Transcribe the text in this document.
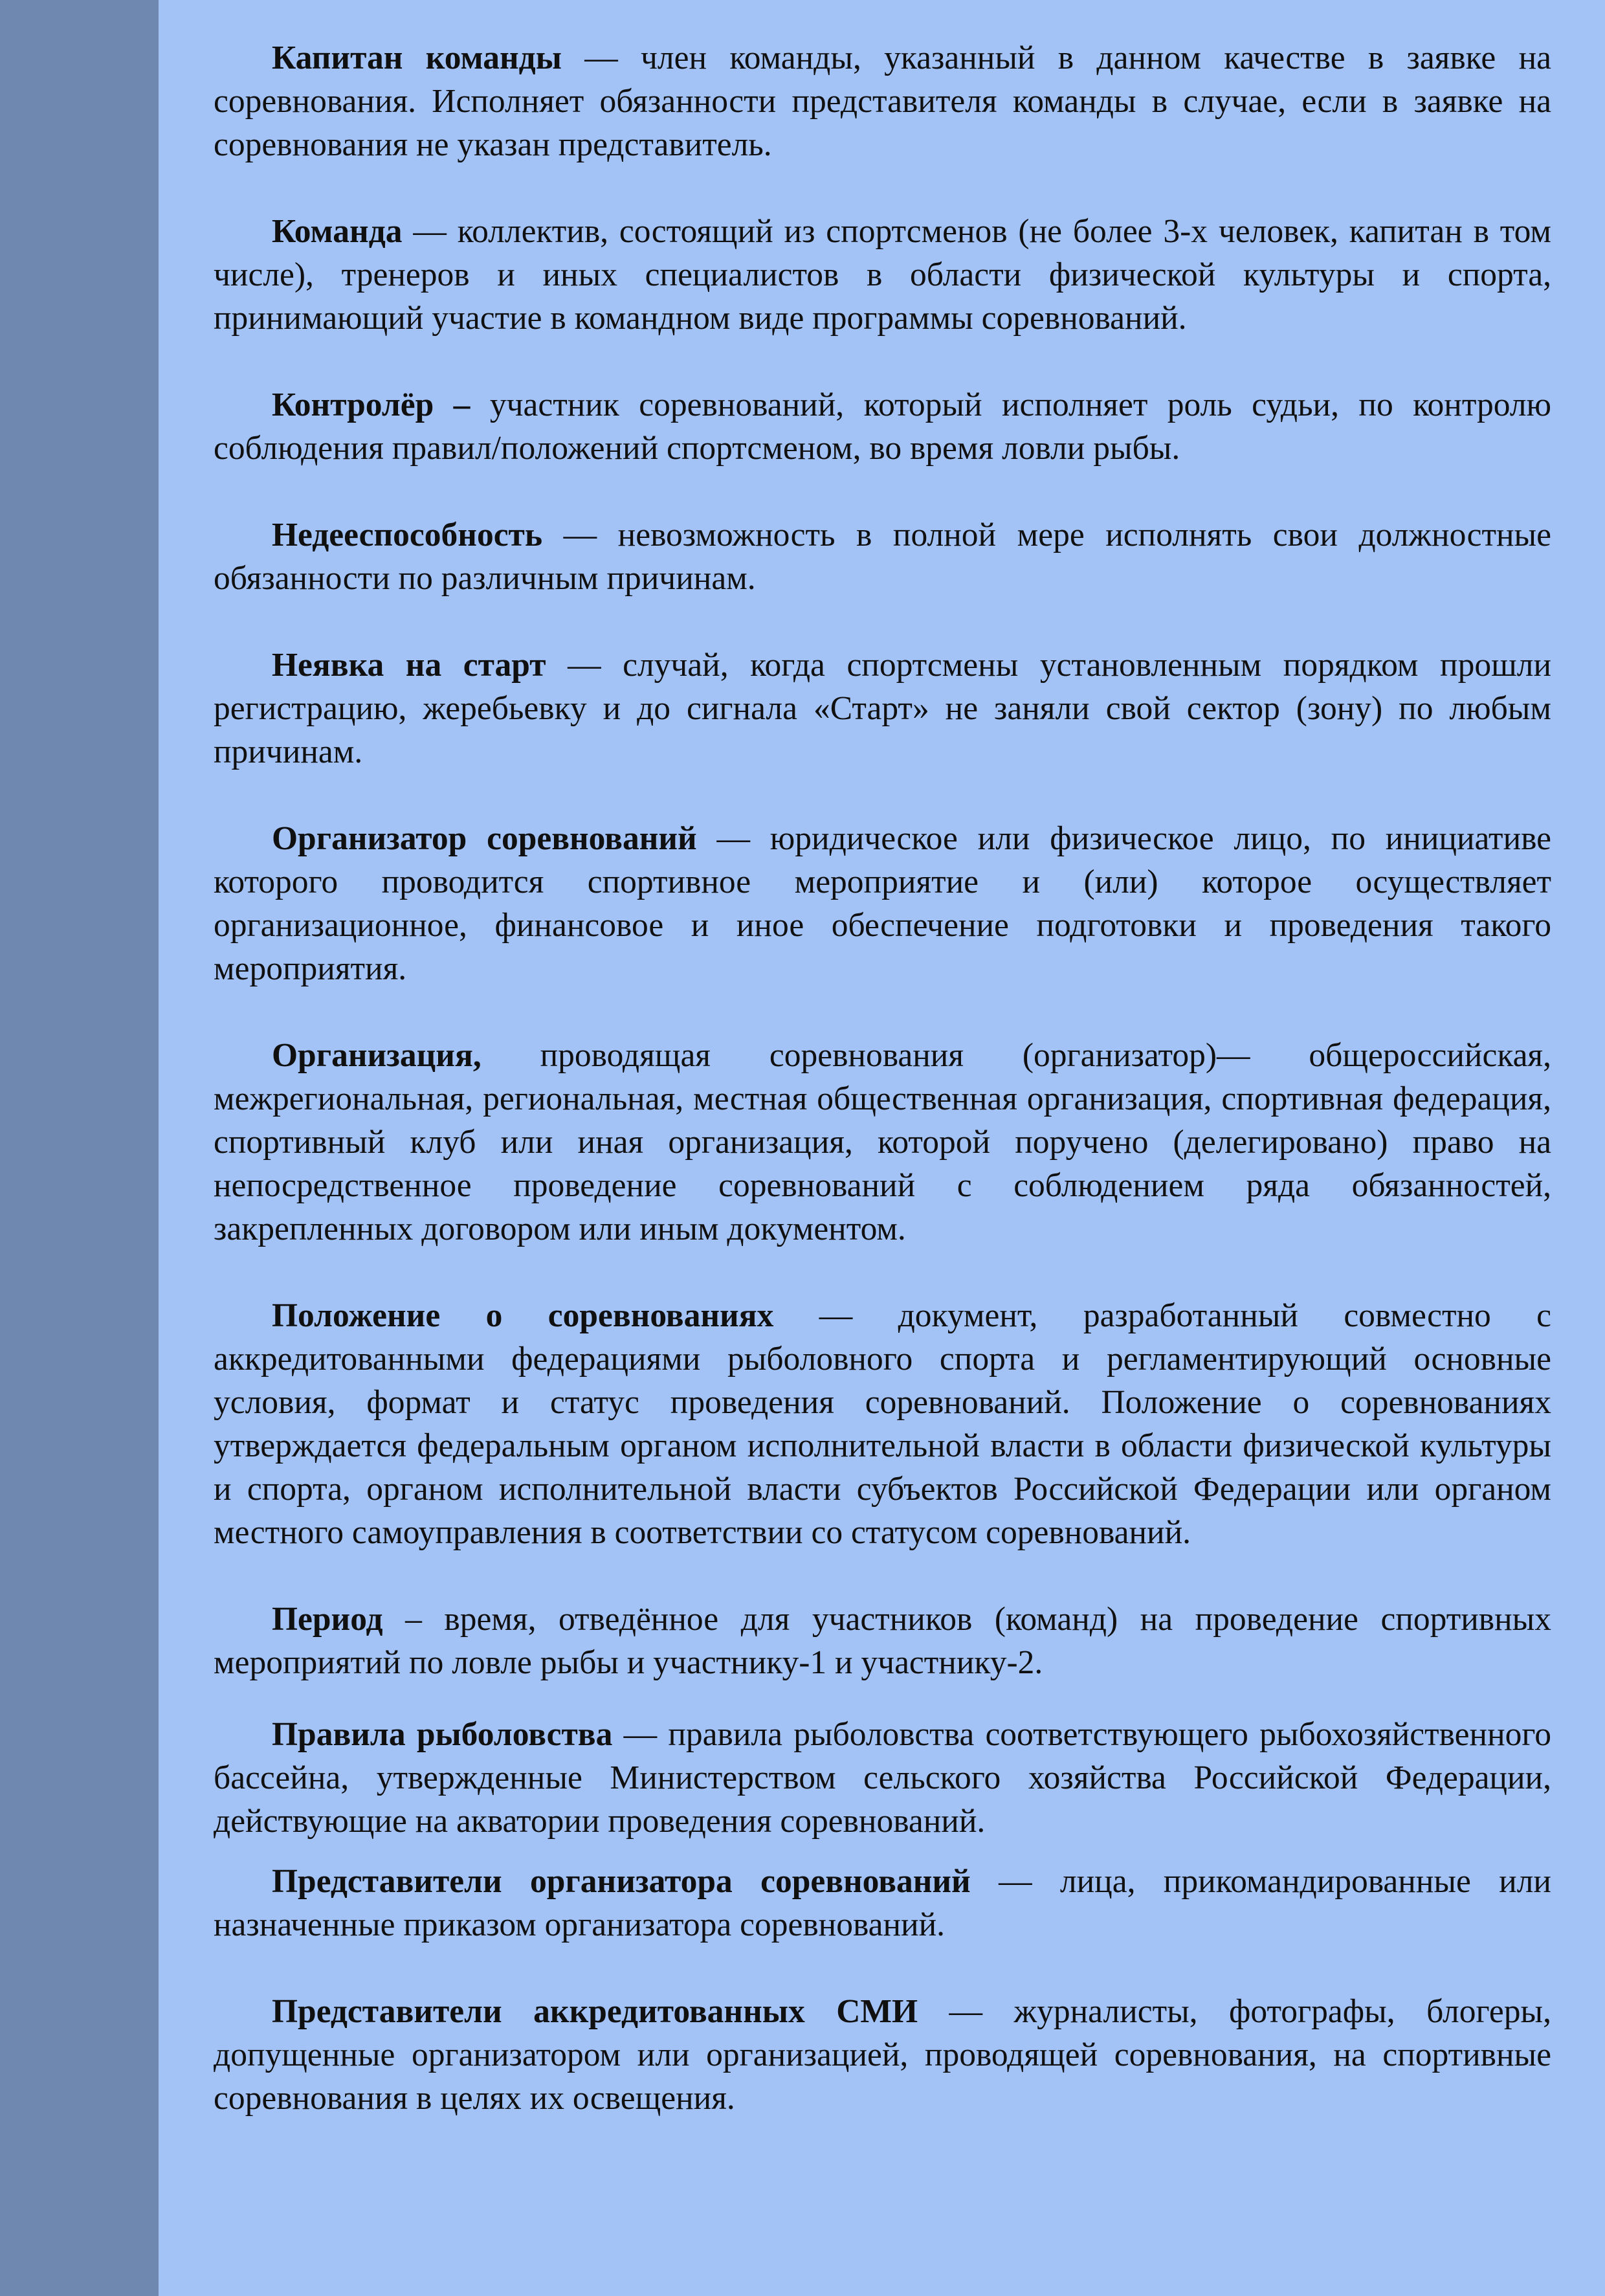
Капитан команды — член команды, указанный в данном качестве в заявке на соревнования. Исполняет обязанности представителя команды в случае, если в заявке на соревнования не указан представитель.

Команда — коллектив, состоящий из спортсменов (не более 3-х человек, капитан в том числе), тренеров и иных специалистов в области физической культуры и спорта, принимающий участие в командном виде программы соревнований.

Контролёр – участник соревнований, который исполняет роль судьи, по контролю соблюдения правил/положений спортсменом, во время ловли рыбы.

Недееспособность — невозможность в полной мере исполнять свои должностные обязанности по различным причинам.

Неявка на старт — случай, когда спортсмены установленным порядком прошли регистрацию, жеребьевку и до сигнала «Старт» не заняли свой сектор (зону) по любым причинам.

Организатор соревнований — юридическое или физическое лицо, по инициативе которого проводится спортивное мероприятие и (или) которое осуществляет организационное, финансовое и иное обеспечение подготовки и проведения такого мероприятия.

Организация, проводящая соревнования (организатор)— общероссийская, межрегиональная, региональная, местная общественная организация, спортивная федерация, спортивный клуб или иная организация, которой поручено (делегировано) право на непосредственное проведение соревнований с соблюдением ряда обязанностей, закрепленных договором или иным документом.

Положение о соревнованиях — документ, разработанный совместно с аккредитованными федерациями рыболовного спорта и регламентирующий основные условия, формат и статус проведения соревнований. Положение о соревнованиях утверждается федеральным органом исполнительной власти в области физической культуры и спорта, органом исполнительной власти субъектов Российской Федерации или органом местного самоуправления в соответствии со статусом соревнований.

Период – время, отведённое для участников (команд) на проведение спортивных мероприятий по ловле рыбы и участнику-1 и участнику-2.

Правила рыболовства — правила рыболовства соответствующего рыбохозяйственного бассейна, утвержденные Министерством сельского хозяйства Российской Федерации, действующие на акватории проведения соревнований.

Представители организатора соревнований — лица, прикомандированные или назначенные приказом организатора соревнований.

Представители аккредитованных СМИ — журналисты, фотографы, блогеры, допущенные организатором или организацией, проводящей соревнования, на спортивные соревнования в целях их освещения.
